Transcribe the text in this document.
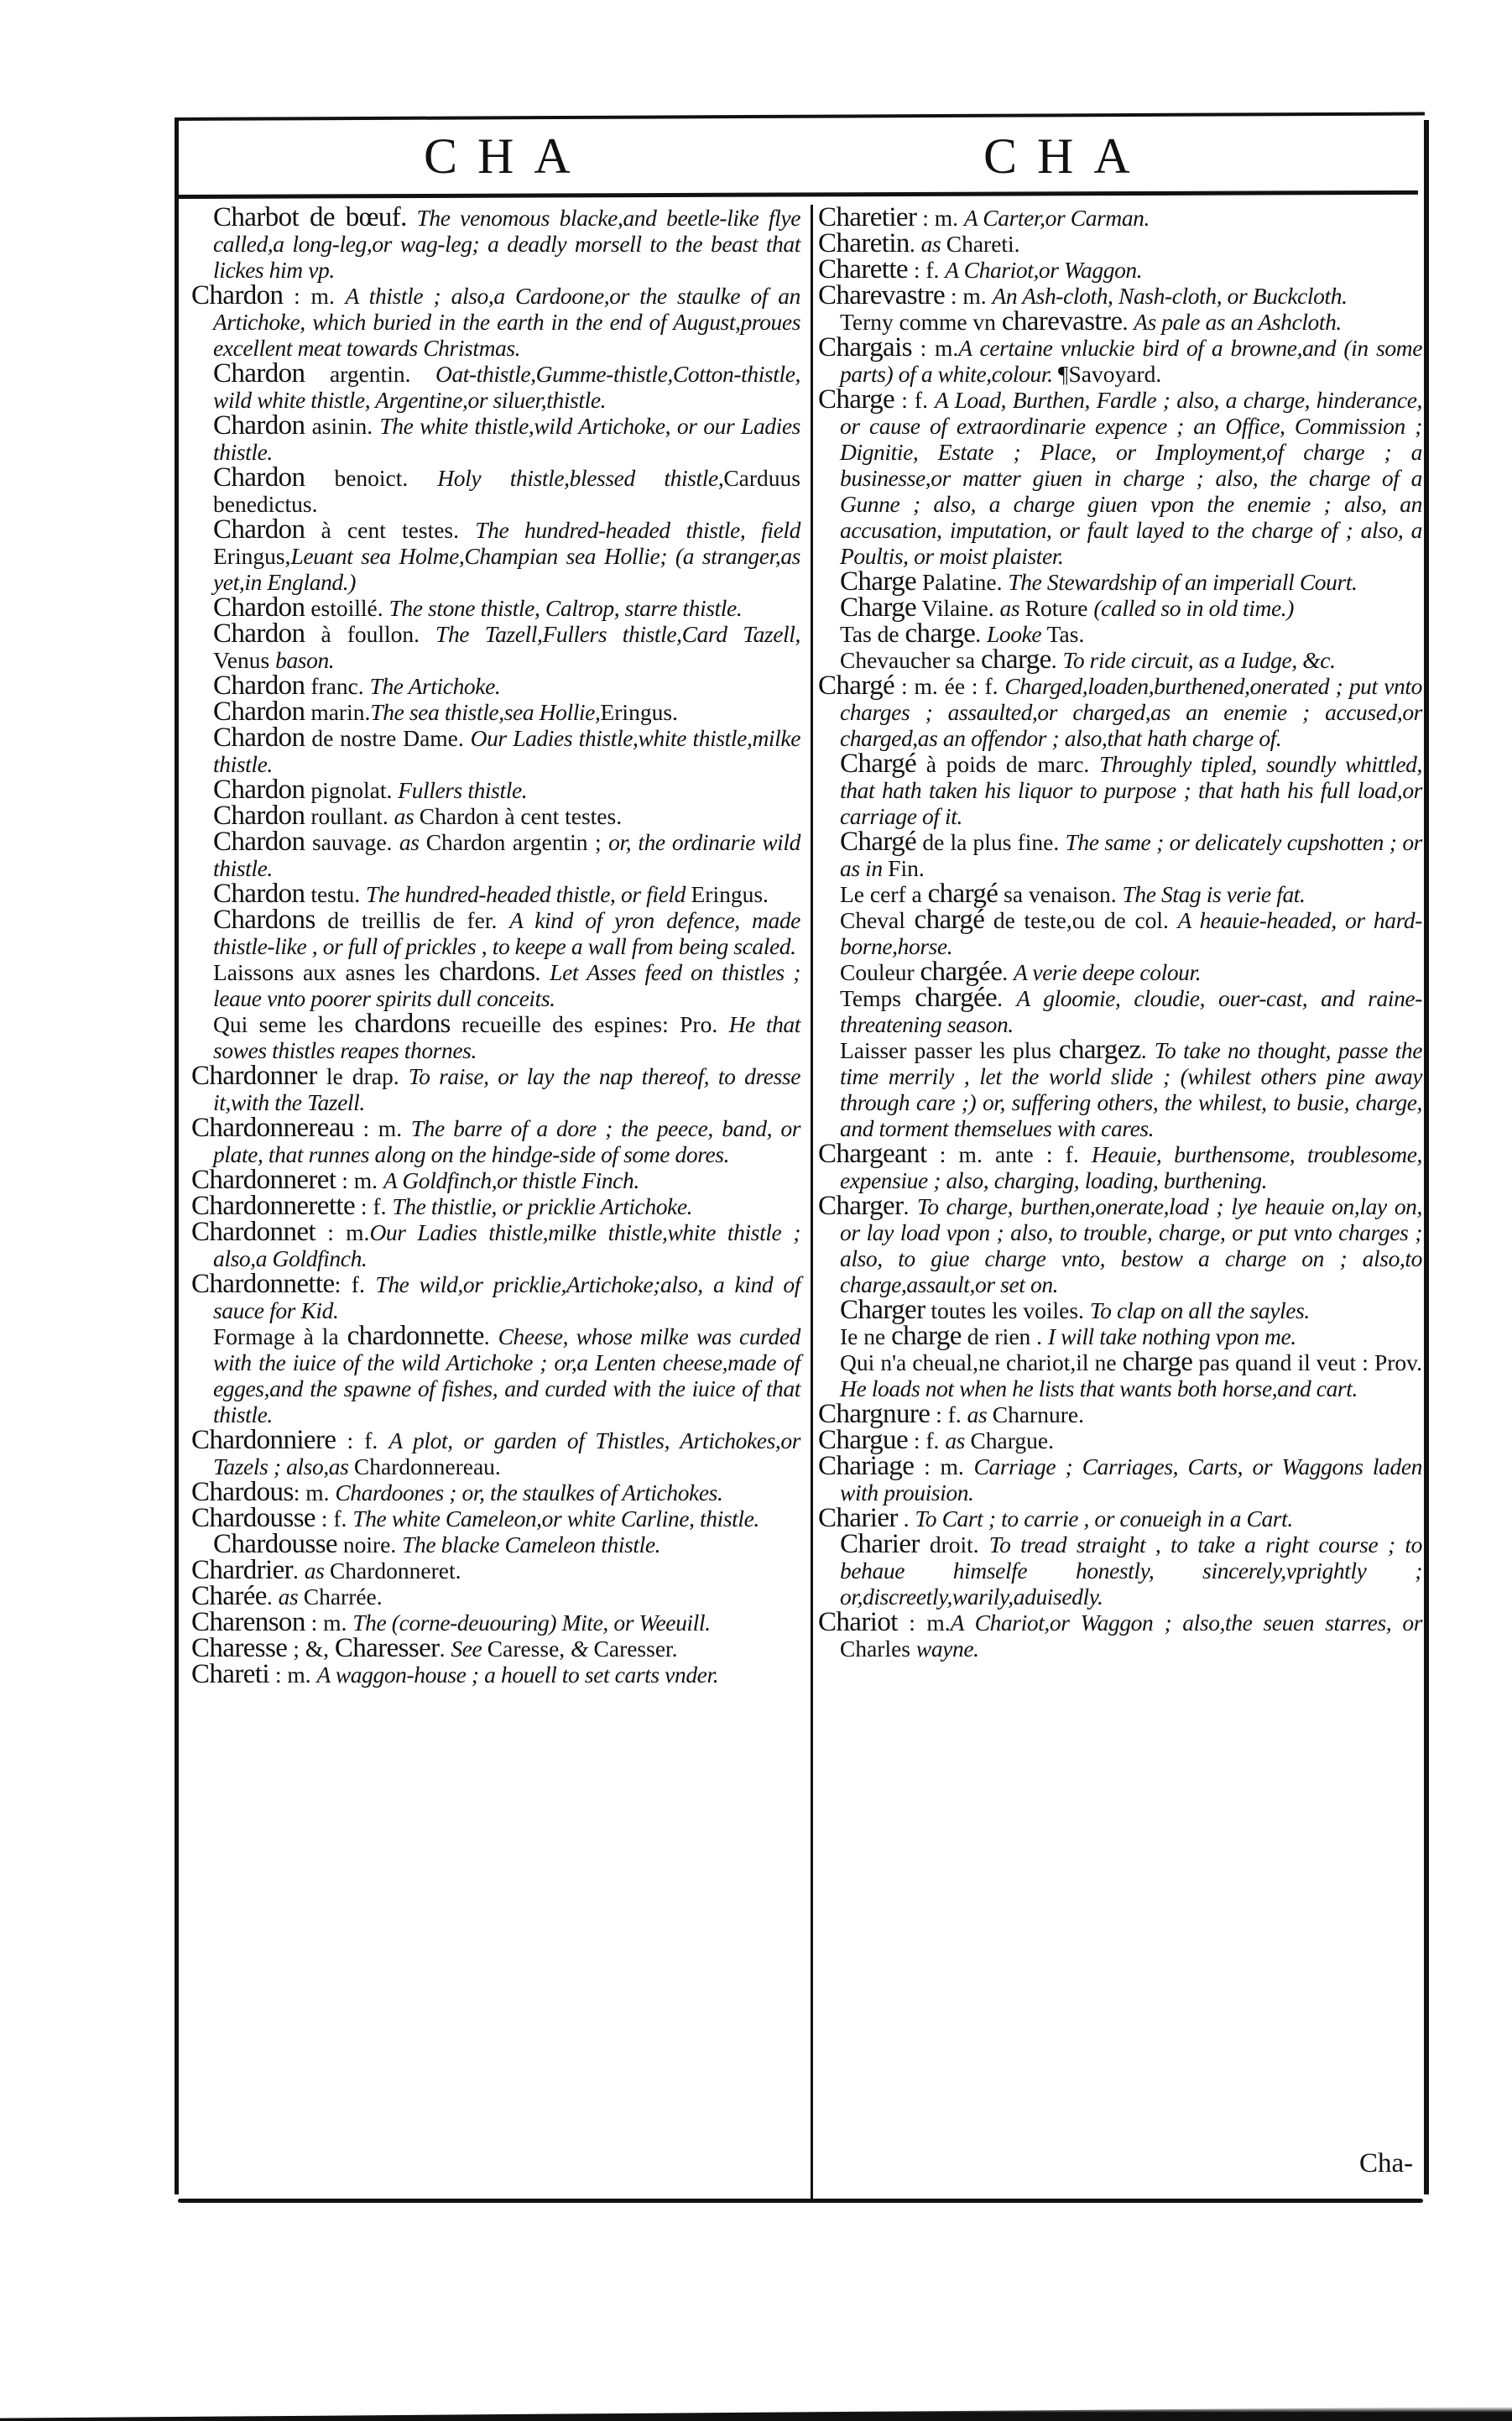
CHA	CHA

Charbot de bœuf. The venomous blacke,and beetle-like flye called,a long-leg,or wag-leg; a deadly morsell to the beast that lickes him vp.

Chardon : m. A thistle ; also,a Cardoone,or the staulke of an Artichoke, which buried in the earth in the end of August,proues excellent meat towards Christmas.

Chardon argentin. Oat-thistle,Gumme-thistle,Cotton-thistle, wild white thistle, Argentine,or siluer,thistle.

Chardon asinin. The white thistle,wild Artichoke, or our Ladies thistle.

Chardon benoict. Holy thistle,blessed thistle,Carduus benedictus.

Chardon à cent testes. The hundred-headed thistle, field Eringus,Leuant sea Holme,Champian sea Hollie; (a stranger,as yet,in England.)

Chardon estoillé. The stone thistle, Caltrop, starre thistle.

Chardon à foullon. The Tazell,Fullers thistle,Card Tazell, Venus bason.

Chardon franc. The Artichoke.

Chardon marin.The sea thistle,sea Hollie,Eringus.

Chardon de nostre Dame. Our Ladies thistle,white thistle,milke thistle.

Chardon pignolat. Fullers thistle.

Chardon roullant. as Chardon à cent testes.

Chardon sauvage. as Chardon argentin ; or, the ordinarie wild thistle.

Chardon testu. The hundred-headed thistle, or field Eringus.

Chardons de treillis de fer. A kind of yron defence, made thistle-like , or full of prickles , to keepe a wall from being scaled.

Laissons aux asnes les chardons. Let Asses feed on thistles ; leaue vnto poorer spirits dull conceits.

Qui seme les chardons recueille des espines: Pro. He that sowes thistles reapes thornes.

Chardonner le drap. To raise, or lay the nap thereof, to dresse it,with the Tazell.

Chardonnereau : m. The barre of a dore ; the peece, band, or plate, that runnes along on the hindge-side of some dores.

Chardonneret : m. A Goldfinch,or thistle Finch.

Chardonnerette : f. The thistlie, or pricklie Artichoke.

Chardonnet : m.Our Ladies thistle,milke thistle,white thistle ; also,a Goldfinch.

Chardonnette: f. The wild,or pricklie,Artichoke;also, a kind of sauce for Kid.

Formage à la chardonnette. Cheese, whose milke was curded with the iuice of the wild Artichoke ; or,a Lenten cheese,made of egges,and the spawne of fishes, and curded with the iuice of that thistle.

Chardonniere : f. A plot, or garden of Thistles, Artichokes,or Tazels ; also,as Chardonnereau.

Chardous: m. Chardoones ; or, the staulkes of Artichokes.

Chardousse : f. The white Cameleon,or white Carline, thistle.

Chardousse noire. The blacke Cameleon thistle.

Chardrier. as Chardonneret.

Charée. as Charrée.

Charenson : m. The (corne-deuouring) Mite, or Weeuill.

Charesse ; &, Charesser. See Caresse, & Caresser.

Chareti : m. A waggon-house ; a houell to set carts vnder.

Charetier : m. A Carter,or Carman.

Charetin. as Chareti.

Charette : f. A Chariot,or Waggon.

Charevastre : m. An Ash-cloth, Nash-cloth, or Buckcloth.

Terny comme vn charevastre. As pale as an Ashcloth.

Chargais : m.A certaine vnluckie bird of a browne,and (in some parts) of a white,colour. ¶Savoyard.

Charge : f. A Load, Burthen, Fardle ; also, a charge, hinderance, or cause of extraordinarie expence ; an Office, Commission ; Dignitie, Estate ; Place, or Imployment,of charge ; a businesse,or matter giuen in charge ; also, the charge of a Gunne ; also, a charge giuen vpon the enemie ; also, an accusation, imputation, or fault layed to the charge of ; also, a Poultis, or moist plaister.

Charge Palatine. The Stewardship of an imperiall Court.

Charge Vilaine. as Roture (called so in old time.)

Tas de charge. Looke Tas.

Chevaucher sa charge. To ride circuit, as a Iudge, &c.

Chargé : m. ée : f. Charged,loaden,burthened,onerated ; put vnto charges ; assaulted,or charged,as an enemie ; accused,or charged,as an offendor ; also,that hath charge of.

Chargé à poids de marc. Throughly tipled, soundly whittled, that hath taken his liquor to purpose ; that hath his full load,or carriage of it.

Chargé de la plus fine. The same ; or delicately cupshotten ; or as in Fin.

Le cerf a chargé sa venaison. The Stag is verie fat.

Cheval chargé de teste,ou de col. A heauie-headed, or hard-borne,horse.

Couleur chargée. A verie deepe colour.

Temps chargée. A gloomie, cloudie, ouer-cast, and raine-threatening season.

Laisser passer les plus chargez. To take no thought, passe the time merrily , let the world slide ; (whilest others pine away through care ;) or, suffering others, the whilest, to busie, charge, and torment themselues with cares.

Chargeant : m. ante : f. Heauie, burthensome, troublesome, expensiue ; also, charging, loading, burthening.

Charger. To charge, burthen,onerate,load ; lye heauie on,lay on, or lay load vpon ; also, to trouble, charge, or put vnto charges ; also, to giue charge vnto, bestow a charge on ; also,to charge,assault,or set on.

Charger toutes les voiles. To clap on all the sayles.

Ie ne charge de rien . I will take nothing vpon me.

Qui n'a cheual,ne chariot,il ne charge pas quand il veut : Prov. He loads not when he lists that wants both horse,and cart.

Chargnure : f. as Charnure.

Chargue : f. as Chargue.

Chariage : m. Carriage ; Carriages, Carts, or Waggons laden with prouision.

Charier . To Cart ; to carrie , or conueigh in a Cart.

Charier droit. To tread straight , to take a right course ; to behaue himselfe honestly, sincerely,vprightly ; or,discreetly,warily,aduisedly.

Chariot : m.A Chariot,or Waggon ; also,the seuen starres, or Charles wayne.

Cha-
